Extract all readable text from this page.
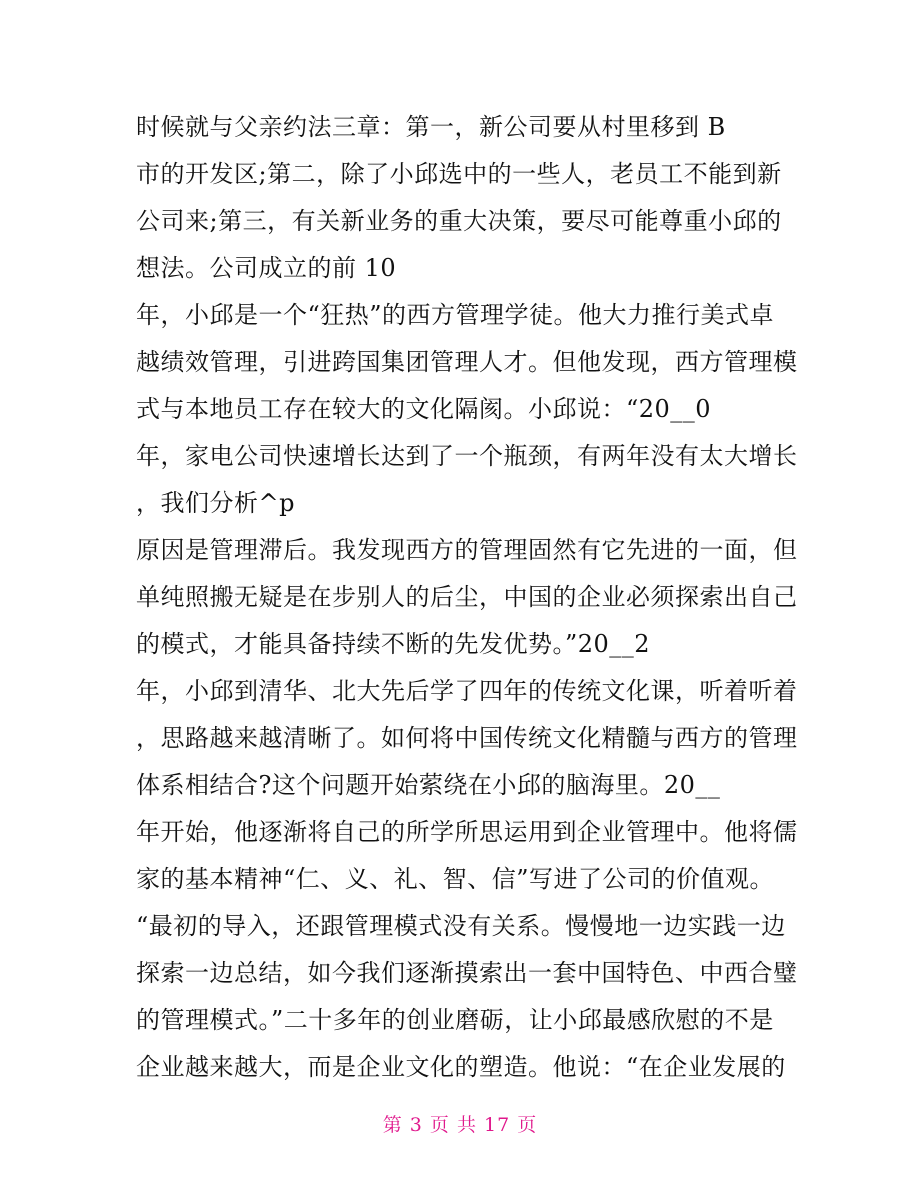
时候就与父亲约法三章：第一，新公司要从村里移到 B
市的开发区;第二，除了小邱选中的一些人，老员工不能到新
公司来;第三，有关新业务的重大决策，要尽可能尊重小邱的
想法。公司成立的前 10
年，小邱是一个“狂热”的西方管理学徒。他大力推行美式卓
越绩效管理，引进跨国集团管理人才。但他发现，西方管理模
式与本地员工存在较大的文化隔阂。小邱说：“20__0
年，家电公司快速增长达到了一个瓶颈，有两年没有太大增长
，我们分析^p
原因是管理滞后。我发现西方的管理固然有它先进的一面，但
单纯照搬无疑是在步别人的后尘，中国的企业必须探索出自己
的模式，才能具备持续不断的先发优势。”20__2
年，小邱到清华、北大先后学了四年的传统文化课，听着听着
，思路越来越清晰了。如何将中国传统文化精髓与西方的管理
体系相结合?这个问题开始萦绕在小邱的脑海里。20__
年开始，他逐渐将自己的所学所思运用到企业管理中。他将儒
家的基本精神“仁、义、礼、智、信”写进了公司的价值观。
“最初的导入，还跟管理模式没有关系。慢慢地一边实践一边
探索一边总结，如今我们逐渐摸索出一套中国特色、中西合璧
的管理模式。”二十多年的创业磨砺，让小邱最感欣慰的不是
企业越来越大，而是企业文化的塑造。他说：“在企业发展的
第 3 页 共 17 页
